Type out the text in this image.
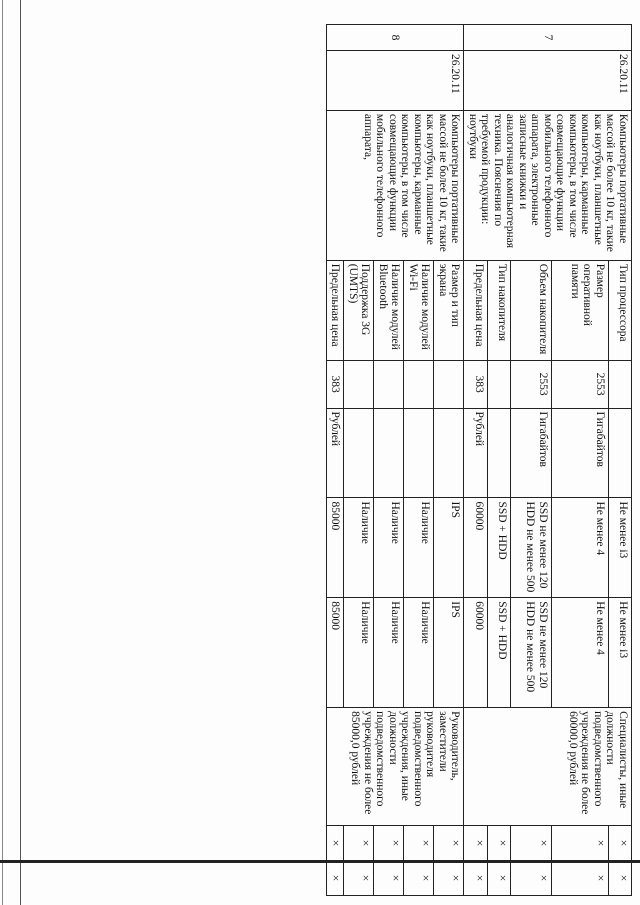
7	26.20.11	Компьютеры портативные массой не более 10 кг, такие как ноутбуки, планшетные компьютеры, карманные компьютеры, в том числе совмещающие функции мобильного телефонного аппарата, электронные записные книжки и аналогичная компьютерная техника. Пояснения по требуемой продукции: ноутбуки	Тип процессора			Не менее i3	Не менее i3	Специалисты, иные должности подведомственного учреждения не более 60000,0 рублей	×	×
			Размер оперативной памяти	2553	Гигабайтов	Не менее 4	Не менее 4		×	×
			Объем накопителя	2553	Гигабайтов	SSD не менее 120 HDD не менее 500	SSD не менее 120 HDD не менее 500		×	×
			Тип накопителя			SSD + HDD	SSD + HDD		×	×
			Предельная цена	383	Рублей	60000	60000		×	×
8	26.20.11	Компьютеры портативные массой не более 10 кг, такие как ноутбуки, планшетные компьютеры, карманные компьютеры, в том числе совмещающие функции мобильного телефонного аппарата,	Размер и тип экрана			IPS	IPS	Руководитель, заместители руководителя подведомственного учреждения, иные должности подведомственного учреждения не более 85000,0 рублей	×	×
			Наличие модулей Wi-Fi			Наличие	Наличие		×	×
			Наличие модулей Bluetooth			Наличие	Наличие		×	×
			Поддержка 3G (UMTS)			Наличие	Наличие		×	×
			Предельная цена	383	Рублей	85000	85000		×	×
